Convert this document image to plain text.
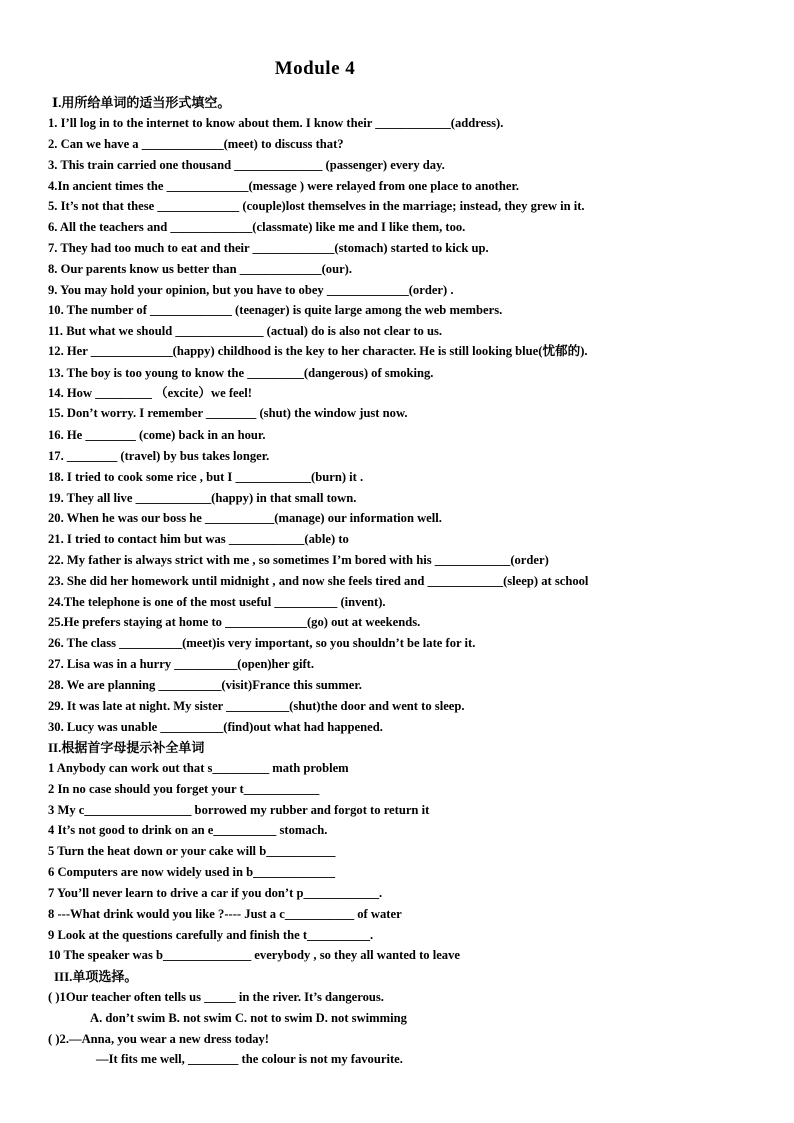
Module 4
Ⅰ.用所给单词的适当形式填空。
1. I’ll log in to the internet to know about them. I know their ____________(address).
2. Can we have a _____________(meet) to discuss that?
3. This train carried one thousand ______________ (passenger) every day.
4.In ancient times the _____________(message ) were relayed from one place to another.
5. It’s not that these _____________ (couple)lost themselves in the marriage; instead, they grew in it.
6. All the teachers and _____________(classmate) like me and I like them, too.
7. They had too much to eat and their _____________(stomach) started to kick up.
8. Our parents know us better than _____________(our).
9. You may hold your opinion, but you have to obey _____________(order) .
10. The number of _____________ (teenager) is quite large among the web members.
11. But what we should ______________ (actual) do is also not clear to us.
12. Her _____________(happy) childhood is the key to her character. He is still looking blue(忧郁的).
13. The boy is too young to know the _________(dangerous) of smoking.
14. How _________ （excite）we feel!
15. Don’t worry. I remember ________ (shut) the window just now.
16. He ________ (come) back in an hour.
17. ________ (travel) by bus takes longer.
18. I tried to cook some rice , but I ____________(burn) it .
19. They all live ____________(happy) in that small town.
20. When he was our boss he ___________(manage) our information well.
21. I tried to contact him but was ____________(able) to
22. My father is always strict with me , so sometimes I’m bored with his ____________(order)
23. She did her homework until midnight , and now she feels tired and ____________(sleep) at school
24.The telephone is one of the most useful __________ (invent).
25.He prefers staying at home to _____________(go) out at weekends.
26. The class __________(meet)is very important, so you shouldn’t be late for it.
27. Lisa was in a hurry __________(open)her gift.
28. We are planning __________(visit)France this summer.
29. It was late at night. My sister __________(shut)the door and went to sleep.
30. Lucy was unable __________(find)out what had happened.
II.根据首字母提示补全单词
1 Anybody can work out that s_________ math problem
2 In no case should you forget your t____________
3 My c_________________ borrowed my rubber and forgot to return it
4 It’s not good to drink on an e__________ stomach.
5 Turn the heat down or your cake will b___________
6 Computers are now widely used in b_____________
7 You’ll never learn to drive a car if you don’t p____________.
8 ---What drink would you like ?---- Just a c___________ of water
9 Look at the questions carefully and finish the t__________.
10 The speaker was b______________ everybody , so they all wanted to leave
III.单项选择。
( )1Our teacher often tells us _____ in the river. It’s dangerous.
A. don’t swim B. not swim C. not to swim D. not swimming
( )2.—Anna, you wear a new dress today!
—It fits me well, ________ the colour is not my favourite.
